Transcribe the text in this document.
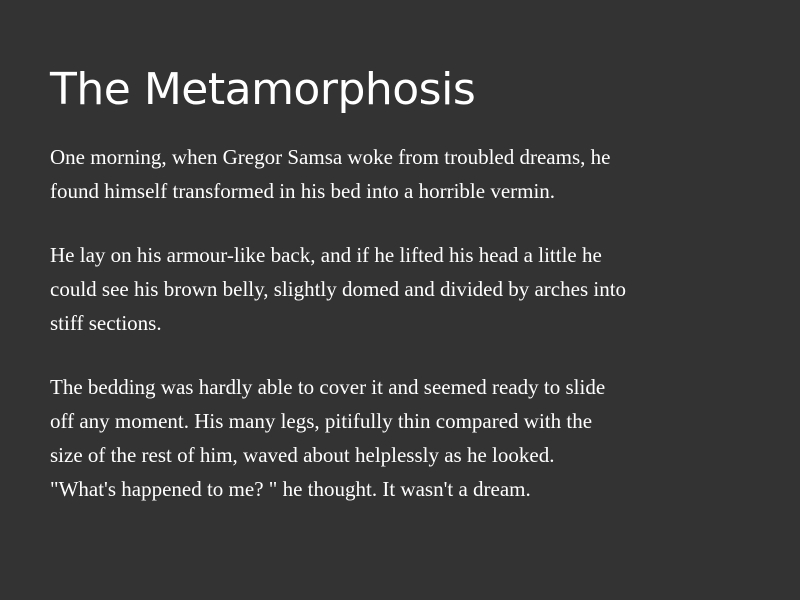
The Metamorphosis

One morning, when Gregor Samsa woke from troubled dreams, he
found himself transformed in his bed into a horrible vermin.

He lay on his armour-like back, and if he lifted his head a little he
could see his brown belly, slightly domed and divided by arches into
stiff sections.

The bedding was hardly able to cover it and seemed ready to slide
off any moment. His many legs, pitifully thin compared with the
size of the rest of him, waved about helplessly as he looked.
"What's happened to me? " he thought. It wasn't a dream.
